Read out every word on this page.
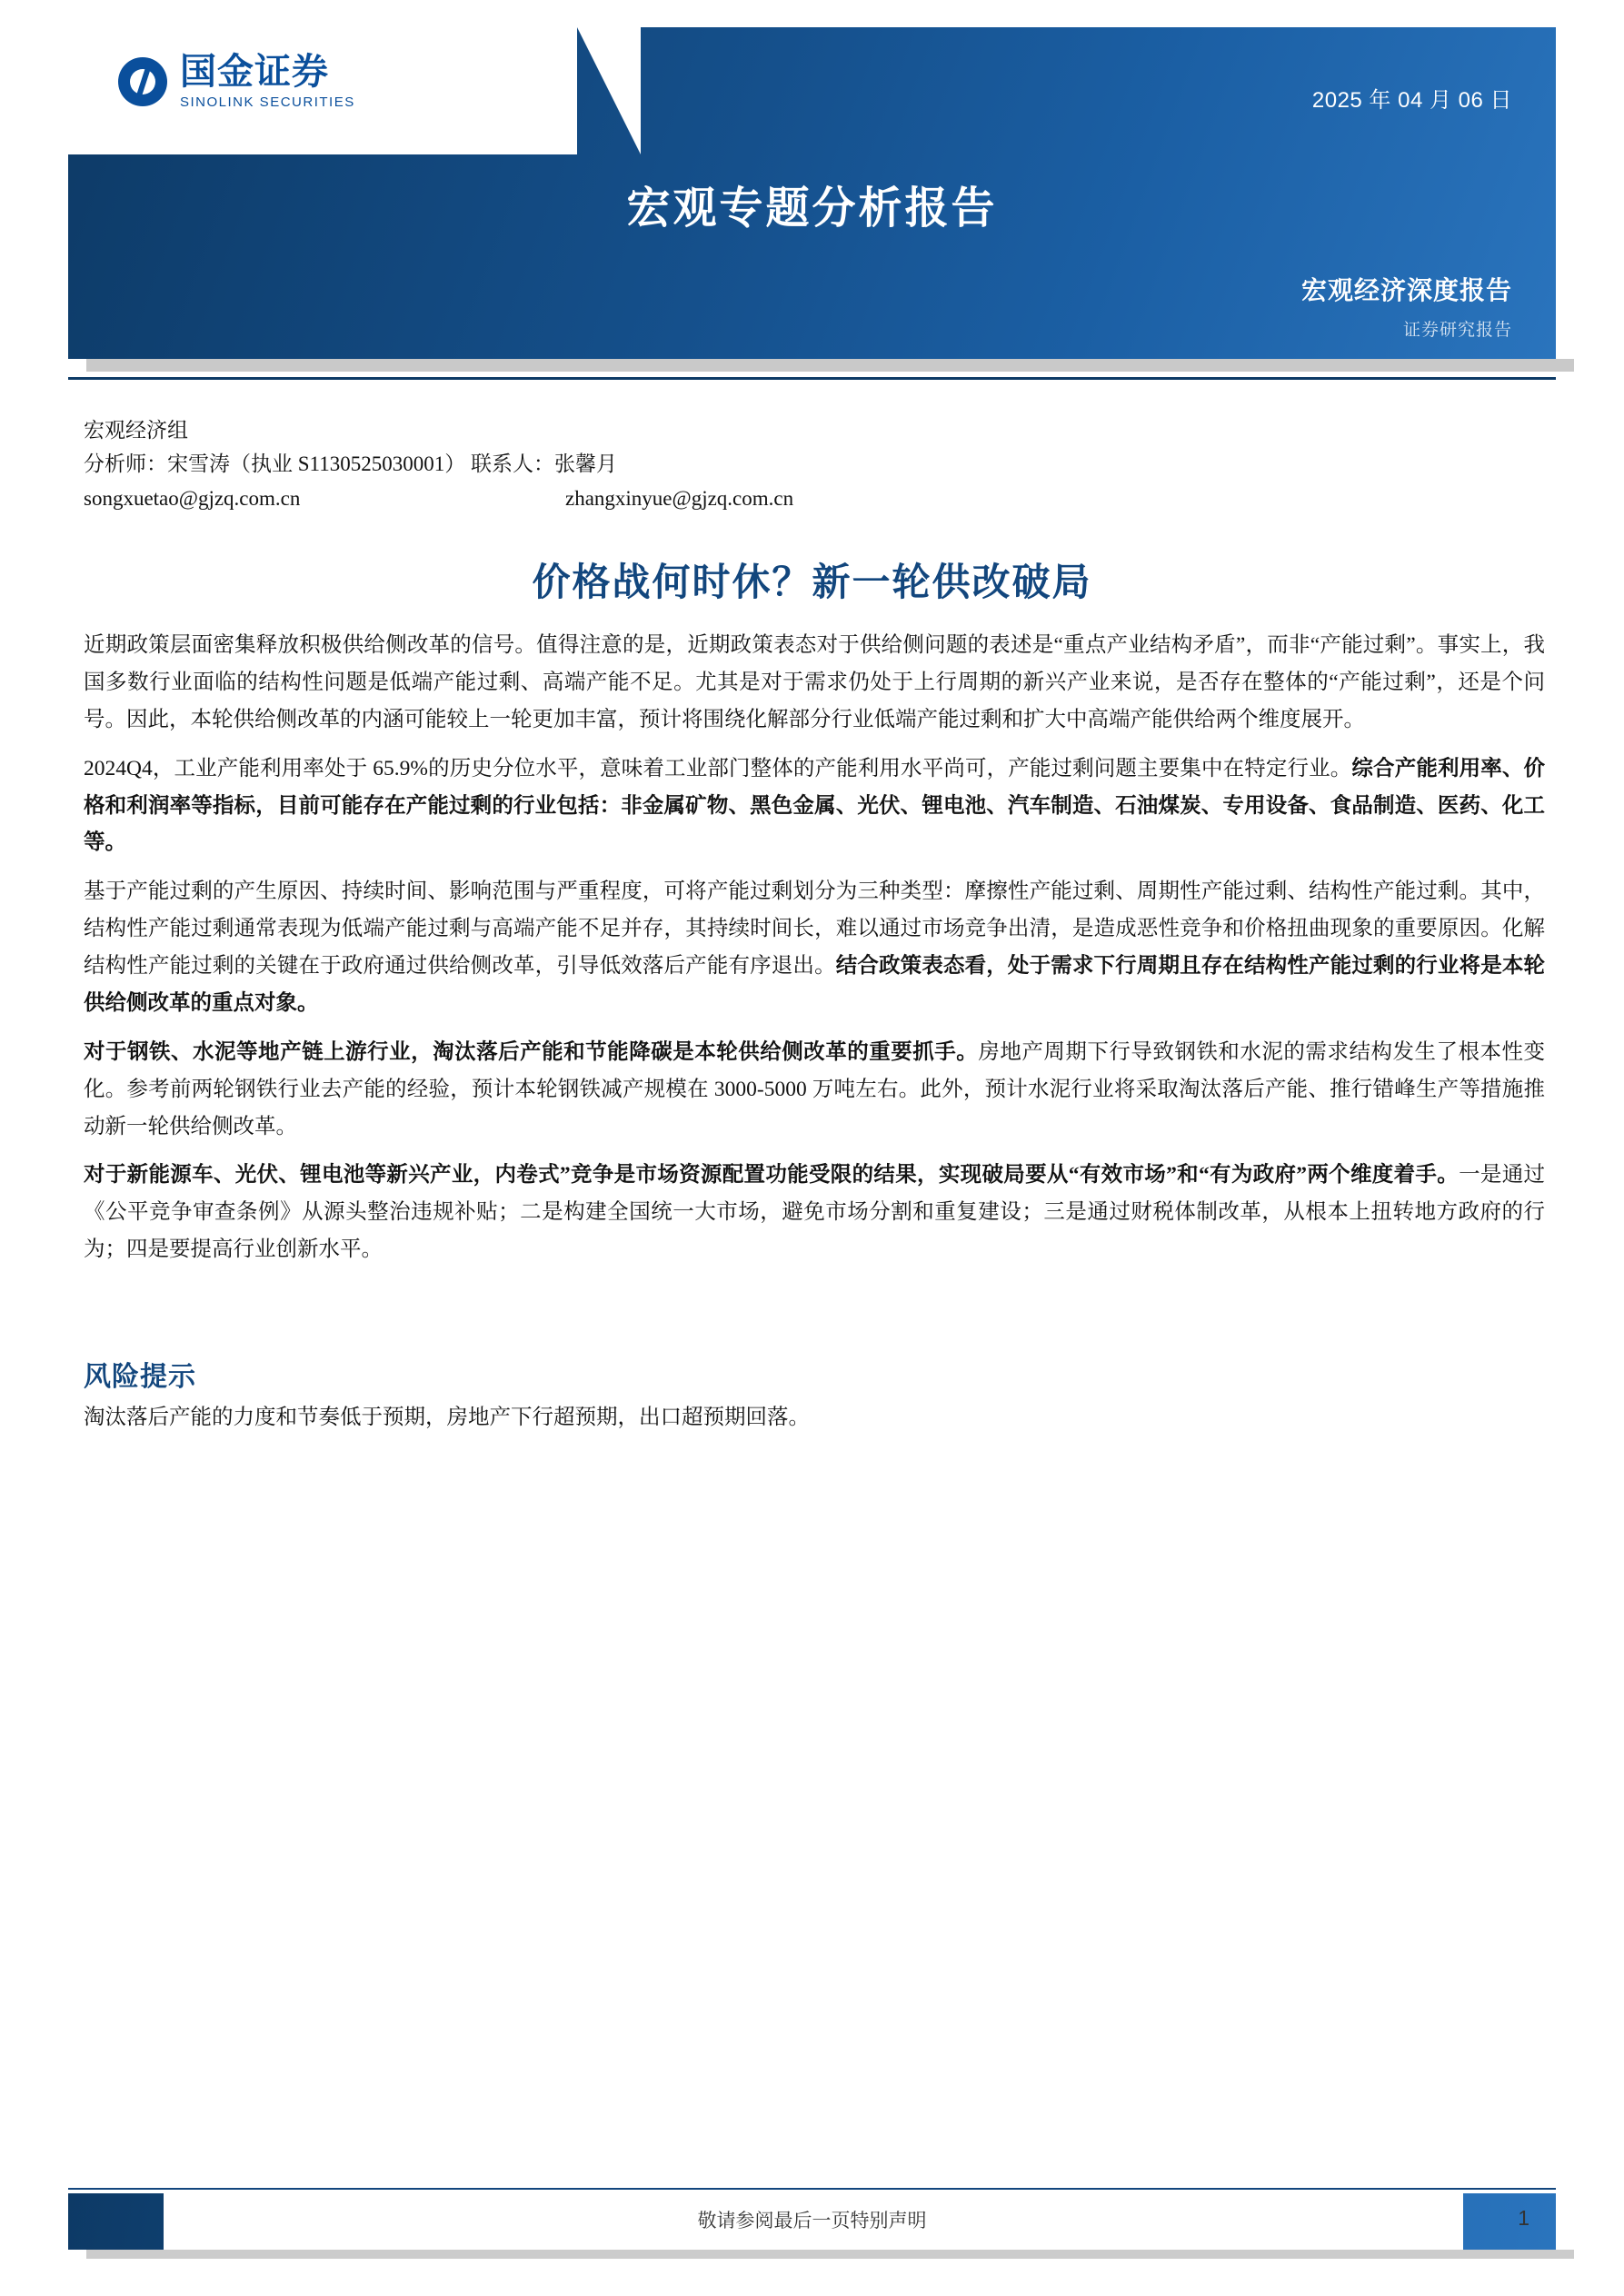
国金证券
SINOLINK SECURITIES	2025 年 04 月 06 日
宏观专题分析报告
宏观经济深度报告
证券研究报告
宏观经济组
分析师：宋雪涛（执业 S1130525030001） 联系人：张馨月
songxuetao@gjzq.com.cn	zhangxinyue@gjzq.com.cn
价格战何时休？新一轮供改破局

近期政策层面密集释放积极供给侧改革的信号。值得注意的是，近期政策表态对于供给侧问题的表述是“重点产业结构矛盾”，而非“产能过剩”。事实上，我国多数行业面临的结构性问题是低端产能过剩、高端产能不足。尤其是对于需求仍处于上行周期的新兴产业来说，是否存在整体的“产能过剩”，还是个问号。因此，本轮供给侧改革的内涵可能较上一轮更加丰富，预计将围绕化解部分行业低端产能过剩和扩大中高端产能供给两个维度展开。

2024Q4，工业产能利用率处于 65.9%的历史分位水平，意味着工业部门整体的产能利用水平尚可，产能过剩问题主要集中在特定行业。综合产能利用率、价格和利润率等指标，目前可能存在产能过剩的行业包括：非金属矿物、黑色金属、光伏、锂电池、汽车制造、石油煤炭、专用设备、食品制造、医药、化工等。

基于产能过剩的产生原因、持续时间、影响范围与严重程度，可将产能过剩划分为三种类型：摩擦性产能过剩、周期性产能过剩、结构性产能过剩。其中，结构性产能过剩通常表现为低端产能过剩与高端产能不足并存，其持续时间长，难以通过市场竞争出清，是造成恶性竞争和价格扭曲现象的重要原因。化解结构性产能过剩的关键在于政府通过供给侧改革，引导低效落后产能有序退出。结合政策表态看，处于需求下行周期且存在结构性产能过剩的行业将是本轮供给侧改革的重点对象。

对于钢铁、水泥等地产链上游行业，淘汰落后产能和节能降碳是本轮供给侧改革的重要抓手。房地产周期下行导致钢铁和水泥的需求结构发生了根本性变化。参考前两轮钢铁行业去产能的经验，预计本轮钢铁减产规模在 3000-5000 万吨左右。此外，预计水泥行业将采取淘汰落后产能、推行错峰生产等措施推动新一轮供给侧改革。

对于新能源车、光伏、锂电池等新兴产业，内卷式”竞争是市场资源配置功能受限的结果，实现破局要从“有效市场”和“有为政府”两个维度着手。一是通过《公平竞争审查条例》从源头整治违规补贴；二是构建全国统一大市场，避免市场分割和重复建设；三是通过财税体制改革，从根本上扭转地方政府的行为；四是要提高行业创新水平。

风险提示
淘汰落后产能的力度和节奏低于预期，房地产下行超预期，出口超预期回落。
敬请参阅最后一页特别声明	1
